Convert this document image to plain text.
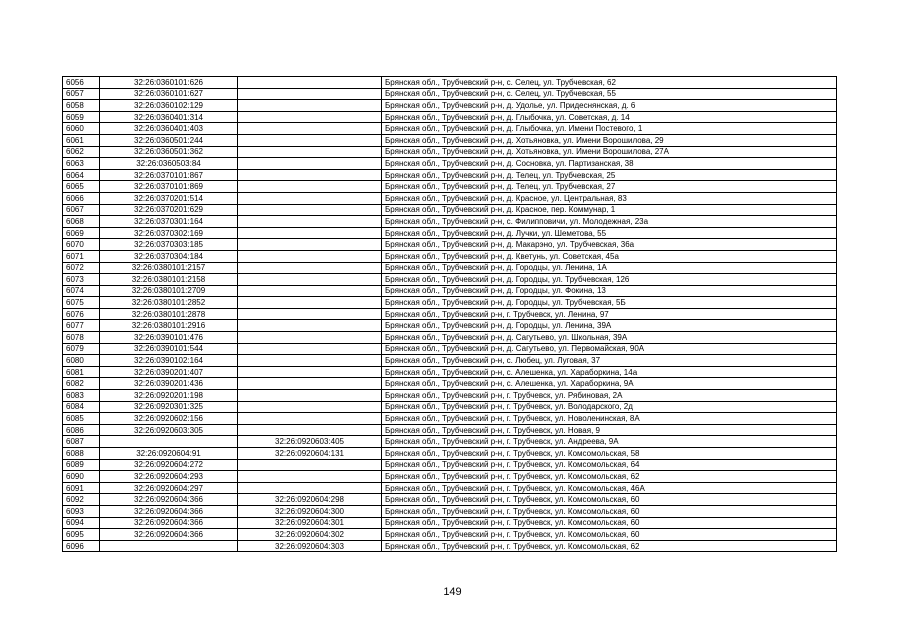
6056	32:26:0360101:626		Брянская обл., Трубчевский р-н, с. Селец, ул. Трубчевская, 62
6057	32:26:0360101:627		Брянская обл., Трубчевский р-н, с. Селец, ул. Трубчевская, 55
6058	32:26:0360102:129		Брянская обл., Трубчевский р-н, д. Удолье, ул. Придеснянская, д. 6
6059	32:26:0360401:314		Брянская обл., Трубчевский р-н, д. Глыбочка, ул. Советская, д. 14
6060	32:26:0360401:403		Брянская обл., Трубчевский р-н, д. Глыбочка, ул. Имени Постевого, 1
6061	32:26:0360501:244		Брянская обл., Трубчевский р-н, д. Хотьяновка, ул. Имени Ворошилова, 29
6062	32:26:0360501:362		Брянская обл., Трубчевский р-н, д. Хотьяновка, ул. Имени Ворошилова, 27А
6063	32:26:0360503:84		Брянская обл., Трубчевский р-н, д. Сосновка, ул. Партизанская, 38
6064	32:26:0370101:867		Брянская обл., Трубчевский р-н, д. Телец, ул. Трубчевская, 25
6065	32:26:0370101:869		Брянская обл., Трубчевский р-н, д. Телец, ул. Трубчевская, 27
6066	32:26:0370201:514		Брянская обл., Трубчевский р-н, д. Красное, ул. Центральная, 83
6067	32:26:0370201:629		Брянская обл., Трубчевский р-н, д. Красное, пер. Коммунар, 1
6068	32:26:0370301:164		Брянская обл., Трубчевский р-н, с. Филипповичи, ул. Молодежная, 23а
6069	32:26:0370302:169		Брянская обл., Трубчевский р-н, д. Лучки, ул. Шеметова, 55
6070	32:26:0370303:185		Брянская обл., Трубчевский р-н, д. Макарэно, ул. Трубчевская, 36а
6071	32:26:0370304:184		Брянская обл., Трубчевский р-н, д. Кветунь, ул. Советская, 45а
6072	32:26:0380101:2157		Брянская обл., Трубчевский р-н, д. Городцы, ул. Ленина, 1А
6073	32:26:0380101:2158		Брянская обл., Трубчевский р-н, д. Городцы, ул. Трубчевская, 126
6074	32:26:0380101:2709		Брянская обл., Трубчевский р-н, д. Городцы, ул. Фокина, 13
6075	32:26:0380101:2852		Брянская обл., Трубчевский р-н, д. Городцы, ул. Трубчевская, 5Б
6076	32:26:0380101:2878		Брянская обл., Трубчевский р-н, г. Трубчевск, ул. Ленина, 97
6077	32:26:0380101:2916		Брянская обл., Трубчевский р-н, д. Городцы, ул. Ленина, 39А
6078	32:26:0390101:476		Брянская обл., Трубчевский р-н, д. Сагутьево, ул. Школьная, 39А
6079	32:26:0390101:544		Брянская обл., Трубчевский р-н, д. Сагутьево, ул. Первомайская, 90А
6080	32:26:0390102:164		Брянская обл., Трубчевский р-н, с. Любец, ул. Луговая, 37
6081	32:26:0390201:407		Брянская обл., Трубчевский р-н, с. Алешенка, ул. Хараборкина, 14а
6082	32:26:0390201:436		Брянская обл., Трубчевский р-н, с. Алешенка, ул. Хараборкина, 9А
6083	32:26:0920201:198		Брянская обл., Трубчевский р-н, г. Трубчевск, ул. Рябиновая, 2А
6084	32:26:0920301:325		Брянская обл., Трубчевский р-н, г. Трубчевск, ул. Володарского, 2д
6085	32:26:0920602:156		Брянская обл., Трубчевский р-н, г. Трубчевск, ул. Новоленинская, 8А
6086	32:26:0920603:305		Брянская обл., Трубчевский р-н, г. Трубчевск, ул. Новая, 9
6087		32:26:0920603:405	Брянская обл., Трубчевский р-н, г. Трубчевск, ул. Андреева, 9А
6088	32:26:0920604:91	32:26:0920604:131	Брянская обл., Трубчевский р-н, г. Трубчевск, ул. Комсомольская, 58
6089	32:26:0920604:272		Брянская обл., Трубчевский р-н, г. Трубчевск, ул. Комсомольская, 64
6090	32:26:0920604:293		Брянская обл., Трубчевский р-н, г. Трубчевск, ул. Комсомольская, 62
6091	32:26:0920604:297		Брянская обл., Трубчевский р-н, г. Трубчевск, ул. Комсомольская, 46А
6092	32:26:0920604:366	32:26:0920604:298	Брянская обл., Трубчевский р-н, г. Трубчевск, ул. Комсомольская, 60
6093	32:26:0920604:366	32:26:0920604:300	Брянская обл., Трубчевский р-н, г. Трубчевск, ул. Комсомольская, 60
6094	32:26:0920604:366	32:26:0920604:301	Брянская обл., Трубчевский р-н, г. Трубчевск, ул. Комсомольская, 60
6095	32:26:0920604:366	32:26:0920604:302	Брянская обл., Трубчевский р-н, г. Трубчевск, ул. Комсомольская, 60
6096		32:26:0920604:303	Брянская обл., Трубчевский р-н, г. Трубчевск, ул. Комсомольская, 62
149
